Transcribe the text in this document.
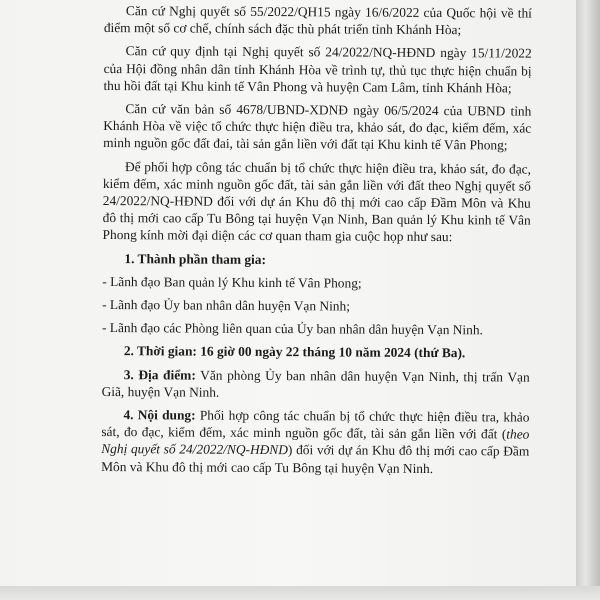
Căn cứ Nghị quyết số 55/2022/QH15 ngày 16/6/2022 của Quốc hội về thí điểm một số cơ chế, chính sách đặc thù phát triển tỉnh Khánh Hòa;

Căn cứ quy định tại Nghị quyết số 24/2022/NQ-HĐND ngày 15/11/2022 của Hội đồng nhân dân tỉnh Khánh Hòa về trình tự, thủ tục thực hiện chuẩn bị thu hồi đất tại Khu kinh tế Vân Phong và huyện Cam Lâm, tỉnh Khánh Hòa;

Căn cứ văn bản số 4678/UBND-XDNĐ ngày 06/5/2024 của UBND tỉnh Khánh Hòa về việc tổ chức thực hiện điều tra, khảo sát, đo đạc, kiểm đếm, xác minh nguồn gốc đất đai, tài sản gắn liền với đất tại Khu kinh tế Vân Phong;

Để phối hợp công tác chuẩn bị tổ chức thực hiện điều tra, khảo sát, đo đạc, kiểm đếm, xác minh nguồn gốc đất, tài sản gắn liền với đất theo Nghị quyết số 24/2022/NQ-HĐND đối với dự án Khu đô thị mới cao cấp Đầm Môn và Khu đô thị mới cao cấp Tu Bông tại huyện Vạn Ninh, Ban quản lý Khu kinh tế Vân Phong kính mời đại diện các cơ quan tham gia cuộc họp như sau:

1. Thành phần tham gia:

- Lãnh đạo Ban quản lý Khu kinh tế Vân Phong;

- Lãnh đạo Ủy ban nhân dân huyện Vạn Ninh;

- Lãnh đạo các Phòng liên quan của Ủy ban nhân dân huyện Vạn Ninh.

2. Thời gian: 16 giờ 00 ngày 22 tháng 10 năm 2024 (thứ Ba).

3. Địa điểm: Văn phòng Ủy ban nhân dân huyện Vạn Ninh, thị trấn Vạn Giã, huyện Vạn Ninh.

4. Nội dung: Phối hợp công tác chuẩn bị tổ chức thực hiện điều tra, khảo sát, đo đạc, kiểm đếm, xác minh nguồn gốc đất, tài sản gắn liền với đất (theo Nghị quyết số 24/2022/NQ-HĐND) đối với dự án Khu đô thị mới cao cấp Đầm Môn và Khu đô thị mới cao cấp Tu Bông tại huyện Vạn Ninh.
